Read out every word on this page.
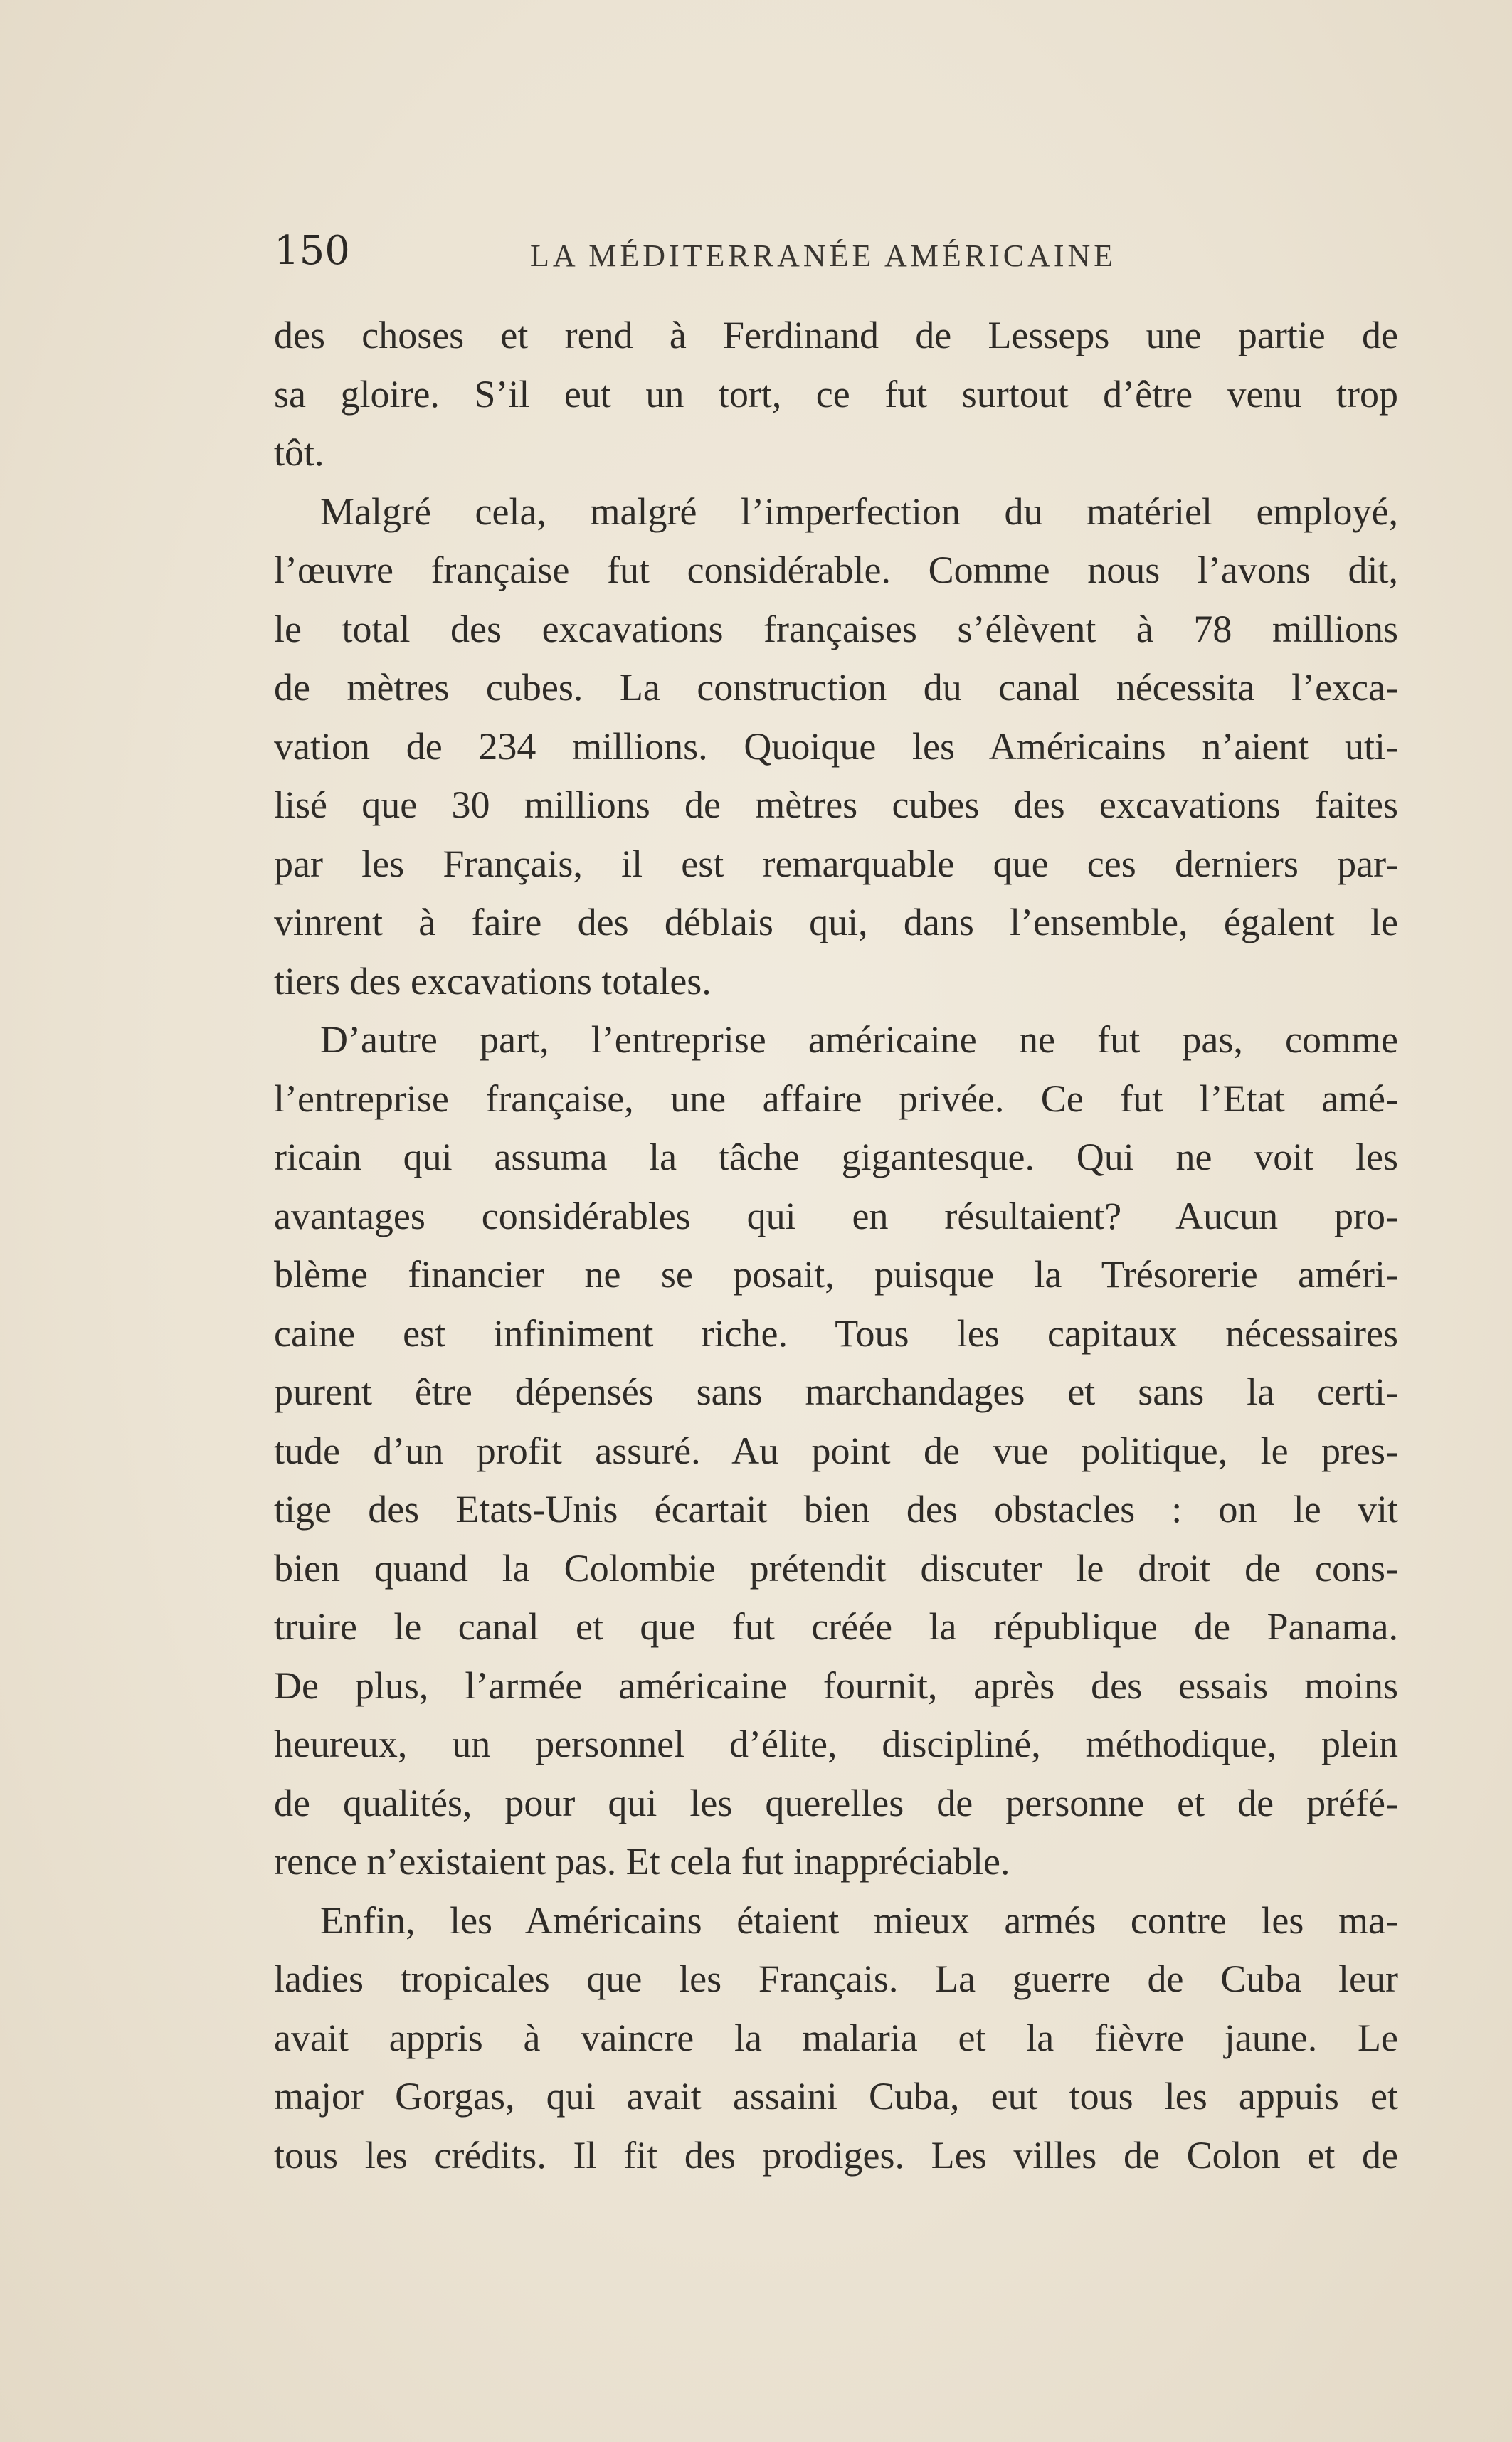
150	LA MÉDITERRANÉE AMÉRICAINE
des choses et rend à Ferdinand de Lesseps une partie de
sa gloire. S’il eut un tort, ce fut surtout d’être venu trop
tôt.
Malgré cela, malgré l’imperfection du matériel employé,
l’œuvre française fut considérable. Comme nous l’avons dit,
le total des excavations françaises s’élèvent à 78 millions
de mètres cubes. La construction du canal nécessita l’exca-
vation de 234 millions. Quoique les Américains n’aient uti-
lisé que 30 millions de mètres cubes des excavations faites
par les Français, il est remarquable que ces derniers par-
vinrent à faire des déblais qui, dans l’ensemble, égalent le
tiers des excavations totales.
D’autre part, l’entreprise américaine ne fut pas, comme
l’entreprise française, une affaire privée. Ce fut l’Etat amé-
ricain qui assuma la tâche gigantesque. Qui ne voit les
avantages considérables qui en résultaient? Aucun pro-
blème financier ne se posait, puisque la Trésorerie améri-
caine est infiniment riche. Tous les capitaux nécessaires
purent être dépensés sans marchandages et sans la certi-
tude d’un profit assuré. Au point de vue politique, le pres-
tige des Etats-Unis écartait bien des obstacles : on le vit
bien quand la Colombie prétendit discuter le droit de cons-
truire le canal et que fut créée la république de Panama.
De plus, l’armée américaine fournit, après des essais moins
heureux, un personnel d’élite, discipliné, méthodique, plein
de qualités, pour qui les querelles de personne et de préfé-
rence n’existaient pas. Et cela fut inappréciable.
Enfin, les Américains étaient mieux armés contre les ma-
ladies tropicales que les Français. La guerre de Cuba leur
avait appris à vaincre la malaria et la fièvre jaune. Le
major Gorgas, qui avait assaini Cuba, eut tous les appuis et
tous les crédits. Il fit des prodiges. Les villes de Colon et de
